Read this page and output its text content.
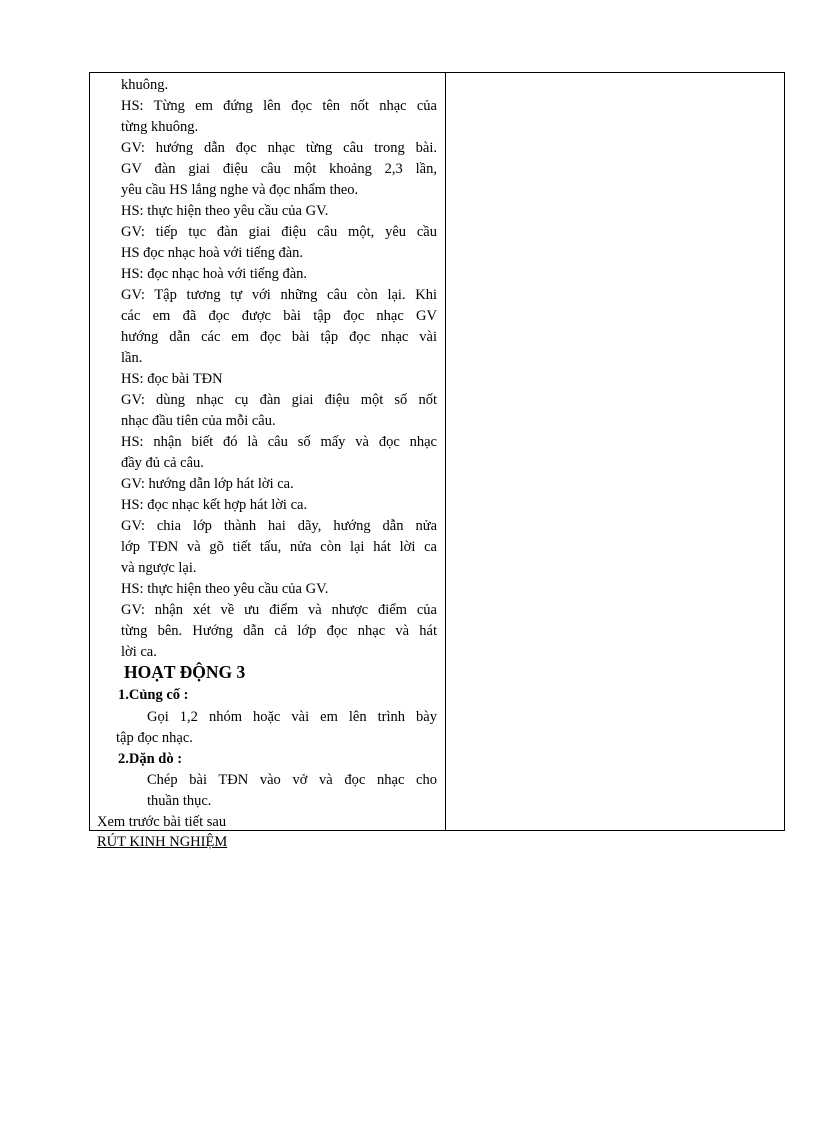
HOẠT ĐỘNG 3
1.Củng cố :
Gọi 1,2 nhóm hoặc vài em lên trình bày
tập đọc nhạc.
2.Dặn dò :
Chép bài TĐN vào vở và đọc nhạc cho
thuần thục.
Xem trước bài tiết sau
khuông.
HS: Từng em đứng lên đọc tên nốt nhạc của
từng khuông.
GV: hướng dẫn đọc nhạc từng câu trong bài.
GV đàn giai điệu câu một khoảng 2,3 lần,
yêu cầu HS lắng nghe và đọc nhẩm theo.
HS: thực hiện theo yêu cầu của GV.
GV: tiếp tục đàn giai điệu câu một, yêu cầu
HS đọc nhạc hoà với tiếng đàn.
HS: đọc nhạc hoà với tiếng đàn.
GV: Tập tương tự với những câu còn lại. Khi
các em đã đọc được bài tập đọc nhạc GV
hướng dẫn các em đọc bài tập đọc nhạc vài
lần.
HS: đọc bài TĐN
GV: dùng nhạc cụ đàn giai điệu một số nốt
nhạc đầu tiên của mỗi câu.
HS: nhận biết đó là câu số mấy và đọc nhạc
đầy đủ cả câu.
GV: hướng dẫn lớp hát lời ca.
HS: đọc nhạc kết hợp hát lời ca.
GV: chia lớp thành hai dãy, hướng dẫn nửa
lớp TĐN và gõ tiết tấu, nửa còn lại hát lời ca
và ngược lại.
HS: thực hiện theo yêu cầu của GV.
GV: nhận xét về ưu điểm và nhược điểm của
từng bên. Hướng dẫn cả lớp đọc nhạc và hát
lời ca.
RÚT KINH NGHIỆM
